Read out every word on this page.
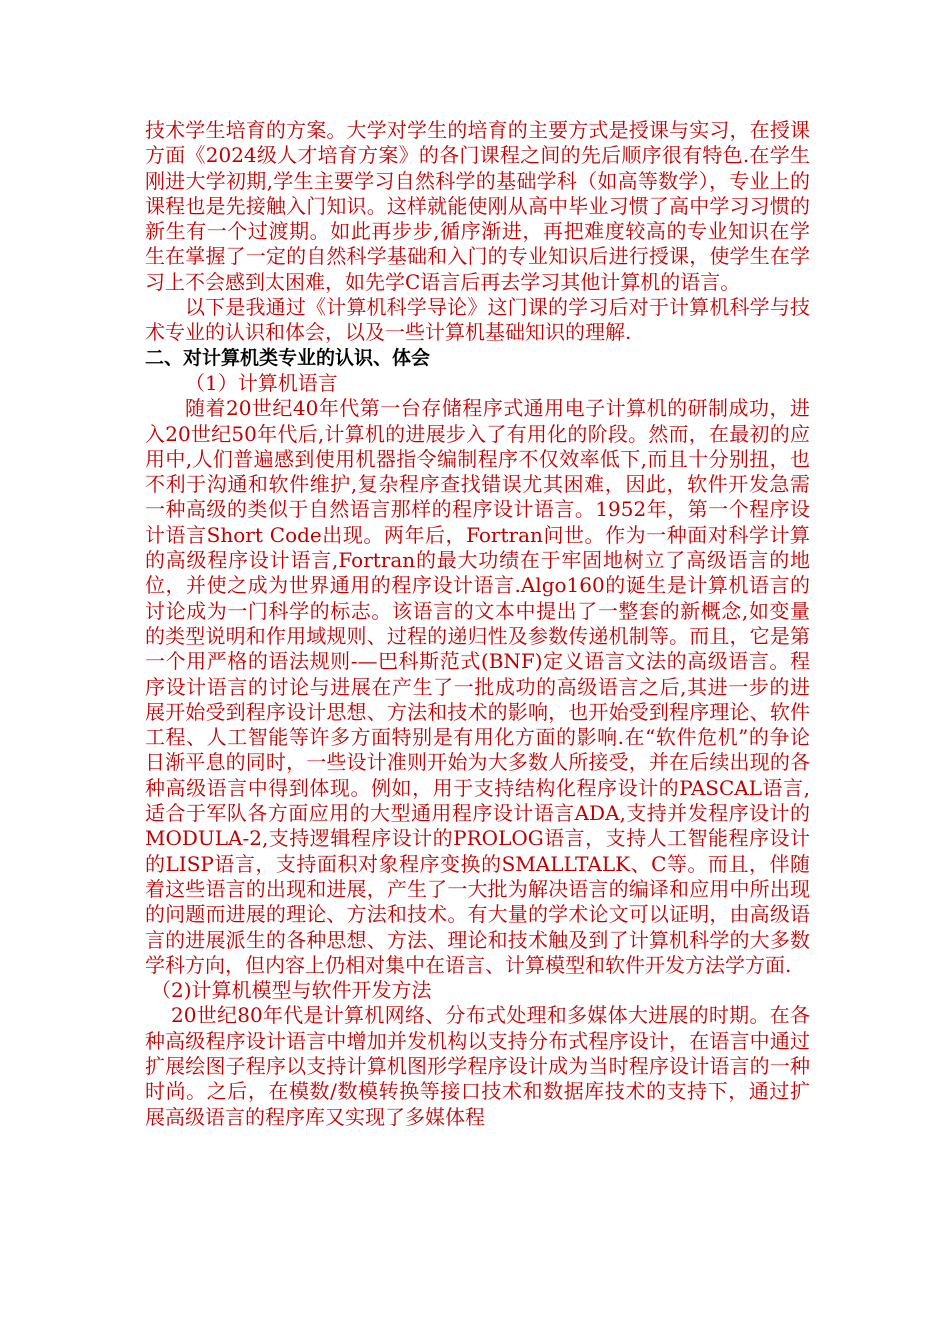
技术学生培育的方案。大学对学生的培育的主要方式是授课与实习，在授课方面《2024级人才培育方案》的各门课程之间的先后顺序很有特色.在学生刚进大学初期,学生主要学习自然科学的基础学科（如高等数学），专业上的课程也是先接触入门知识。这样就能使刚从高中毕业习惯了高中学习习惯的新生有一个过渡期。如此再步步,循序渐进，再把难度较高的专业知识在学生在掌握了一定的自然科学基础和入门的专业知识后进行授课，使学生在学习上不会感到太困难，如先学C语言后再去学习其他计算机的语言。

以下是我通过《计算机科学导论》这门课的学习后对于计算机科学与技术专业的认识和体会，以及一些计算机基础知识的理解.

二、对计算机类专业的认识、体会

（1）计算机语言

随着20世纪40年代第一台存储程序式通用电子计算机的研制成功，进入20世纪50年代后,计算机的进展步入了有用化的阶段。然而，在最初的应用中,人们普遍感到使用机器指令编制程序不仅效率低下,而且十分别扭，也不利于沟通和软件维护,复杂程序查找错误尤其困难，因此，软件开发急需一种高级的类似于自然语言那样的程序设计语言。1952年，第一个程序设计语言Short Code出现。两年后，Fortran问世。作为一种面对科学计算的高级程序设计语言,Fortran的最大功绩在于牢固地树立了高级语言的地位，并使之成为世界通用的程序设计语言.Algo160的诞生是计算机语言的讨论成为一门科学的标志。该语言的文本中提出了一整套的新概念,如变量的类型说明和作用域规则、过程的递归性及参数传递机制等。而且，它是第一个用严格的语法规则-—巴科斯范式(BNF)定义语言文法的高级语言。程序设计语言的讨论与进展在产生了一批成功的高级语言之后,其进一步的进展开始受到程序设计思想、方法和技术的影响，也开始受到程序理论、软件工程、人工智能等许多方面特别是有用化方面的影响.在“软件危机”的争论日渐平息的同时，一些设计准则开始为大多数人所接受，并在后续出现的各种高级语言中得到体现。例如，用于支持结构化程序设计的PASCAL语言,适合于军队各方面应用的大型通用程序设计语言ADA,支持并发程序设计的MODULA-2,支持逻辑程序设计的PROLOG语言，支持人工智能程序设计的LISP语言，支持面积对象程序变换的SMALLTALK、C等。而且，伴随着这些语言的出现和进展，产生了一大批为解决语言的编译和应用中所出现的问题而进展的理论、方法和技术。有大量的学术论文可以证明，由高级语言的进展派生的各种思想、方法、理论和技术触及到了计算机科学的大多数学科方向，但内容上仍相对集中在语言、计算模型和软件开发方法学方面.

（2)计算机模型与软件开发方法

20世纪80年代是计算机网络、分布式处理和多媒体大进展的时期。在各种高级程序设计语言中增加并发机构以支持分布式程序设计，在语言中通过扩展绘图子程序以支持计算机图形学程序设计成为当时程序设计语言的一种时尚。之后，在模数/数模转换等接口技术和数据库技术的支持下，通过扩展高级语言的程序库又实现了多媒体程
